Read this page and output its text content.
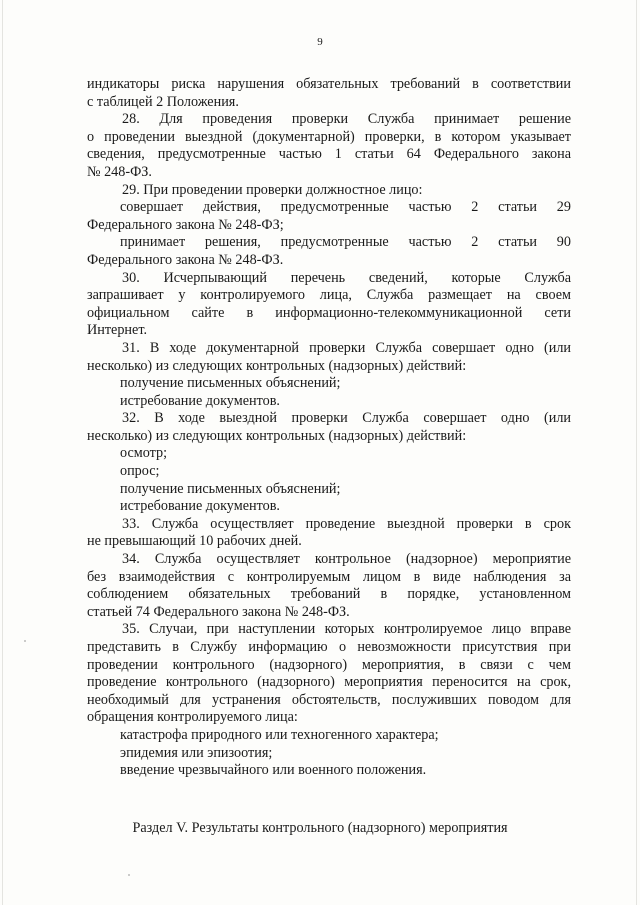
9

индикаторы риска нарушения обязательных требований в соответствии
с таблицей 2 Положения.

28. Для проведения проверки Служба принимает решение
о проведении выездной (документарной) проверки, в котором указывает
сведения, предусмотренные частью 1 статьи 64 Федерального закона
№ 248-ФЗ.

29. При проведении проверки должностное лицо:

совершает действия, предусмотренные частью 2 статьи 29
Федерального закона № 248-ФЗ;

принимает решения, предусмотренные частью 2 статьи 90
Федерального закона № 248-ФЗ.

30. Исчерпывающий перечень сведений, которые Служба
запрашивает у контролируемого лица, Служба размещает на своем
официальном сайте в информационно-телекоммуникационной сети
Интернет.

31. В ходе документарной проверки Служба совершает одно (или
несколько) из следующих контрольных (надзорных) действий:

получение письменных объяснений;

истребование документов.

32. В ходе выездной проверки Служба совершает одно (или
несколько) из следующих контрольных (надзорных) действий:

осмотр;

опрос;

получение письменных объяснений;

истребование документов.

33. Служба осуществляет проведение выездной проверки в срок
не превышающий 10 рабочих дней.

34. Служба осуществляет контрольное (надзорное) мероприятие
без взаимодействия с контролируемым лицом в виде наблюдения за
соблюдением обязательных требований в порядке, установленном
статьей 74 Федерального закона № 248-ФЗ.

35. Случаи, при наступлении которых контролируемое лицо вправе
представить в Службу информацию о невозможности присутствия при
проведении контрольного (надзорного) мероприятия, в связи с чем
проведение контрольного (надзорного) мероприятия переносится на срок,
необходимый для устранения обстоятельств, послуживших поводом для
обращения контролируемого лица:

катастрофа природного или техногенного характера;

эпидемия или эпизоотия;

введение чрезвычайного или военного положения.

Раздел V. Результаты контрольного (надзорного) мероприятия
